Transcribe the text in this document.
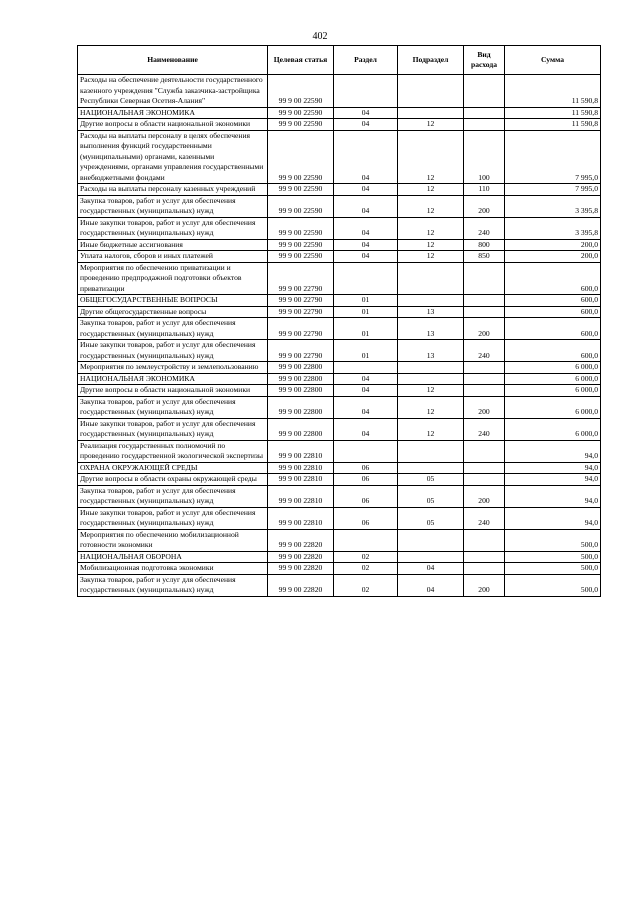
402
Наименование	Целевая статья	Раздел	Подраздел	Вид расхода	Сумма
Расходы на обеспечение деятельности государственного казенного учреждения "Служба заказчика-застройщика Республики Северная Осетия-Алания"	99 9 00 22590				11 590,8
НАЦИОНАЛЬНАЯ ЭКОНОМИКА	99 9 00 22590	04			11 590,8
Другие вопросы в области национальной экономики	99 9 00 22590	04	12		11 590,8
Расходы на выплаты персоналу в целях обеспечения выполнения функций государственными (муниципальными) органами, казенными учреждениями, органами управления государственными внебюджетными фондами	99 9 00 22590	04	12	100	7 995,0
Расходы на выплаты персоналу казенных учреждений	99 9 00 22590	04	12	110	7 995,0
Закупка товаров, работ и услуг для обеспечения государственных (муниципальных) нужд	99 9 00 22590	04	12	200	3 395,8
Иные закупки товаров, работ и услуг для обеспечения государственных (муниципальных) нужд	99 9 00 22590	04	12	240	3 395,8
Иные бюджетные ассигнования	99 9 00 22590	04	12	800	200,0
Уплата налогов, сборов и иных платежей	99 9 00 22590	04	12	850	200,0
Мероприятия по обеспечению приватизации и проведению предпродажной подготовки объектов приватизации	99 9 00 22790				600,0
ОБЩЕГОСУДАРСТВЕННЫЕ ВОПРОСЫ	99 9 00 22790	01			600,0
Другие общегосударственные вопросы	99 9 00 22790	01	13		600,0
Закупка товаров, работ и услуг для обеспечения государственных (муниципальных) нужд	99 9 00 22790	01	13	200	600,0
Иные закупки товаров, работ и услуг для обеспечения государственных (муниципальных) нужд	99 9 00 22790	01	13	240	600,0
Мероприятия по землеустройству и землепользованию	99 9 00 22800				6 000,0
НАЦИОНАЛЬНАЯ ЭКОНОМИКА	99 9 00 22800	04			6 000,0
Другие вопросы в области национальной экономики	99 9 00 22800	04	12		6 000,0
Закупка товаров, работ и услуг для обеспечения государственных (муниципальных) нужд	99 9 00 22800	04	12	200	6 000,0
Иные закупки товаров, работ и услуг для обеспечения государственных (муниципальных) нужд	99 9 00 22800	04	12	240	6 000,0
Реализация государственных полномочий по проведению государственной экологической экспертизы	99 9 00 22810				94,0
ОХРАНА ОКРУЖАЮЩЕЙ СРЕДЫ	99 9 00 22810	06			94,0
Другие вопросы в области охраны окружающей среды	99 9 00 22810	06	05		94,0
Закупка товаров, работ и услуг для обеспечения государственных (муниципальных) нужд	99 9 00 22810	06	05	200	94,0
Иные закупки товаров, работ и услуг для обеспечения государственных (муниципальных) нужд	99 9 00 22810	06	05	240	94,0
Мероприятия по обеспечению мобилизационной готовности экономики	99 9 00 22820				500,0
НАЦИОНАЛЬНАЯ ОБОРОНА	99 9 00 22820	02			500,0
Мобилизационная подготовка экономики	99 9 00 22820	02	04		500,0
Закупка товаров, работ и услуг для обеспечения государственных (муниципальных) нужд	99 9 00 22820	02	04	200	500,0
